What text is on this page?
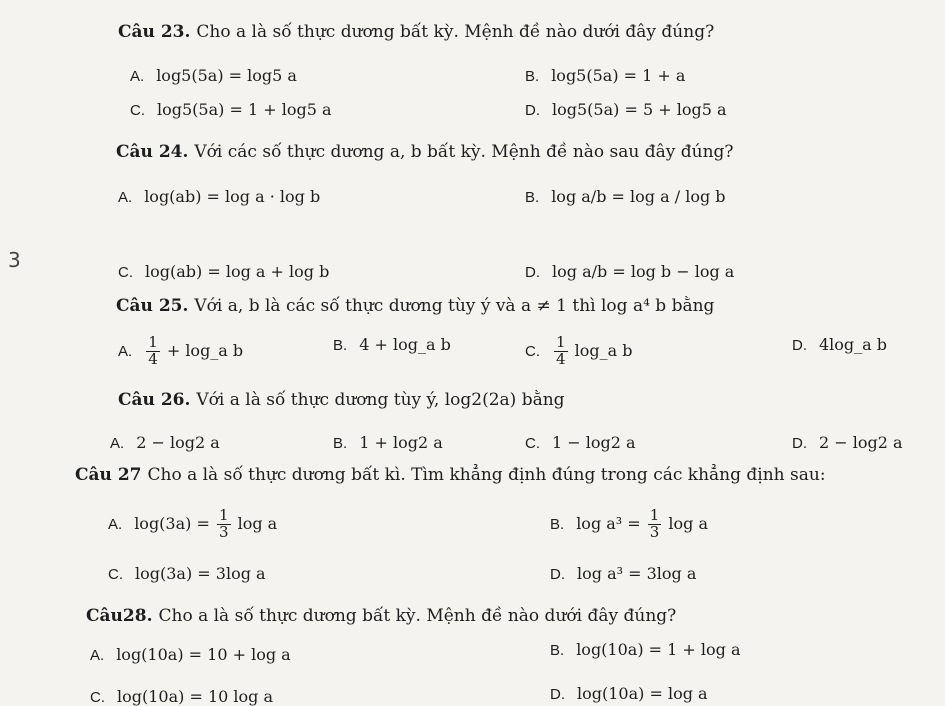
3
Câu 23. Cho a là số thực dương bất kỳ. Mệnh đề nào dưới đây đúng?
A. log5(5a) = log5 a	B. log5(5a) = 1 + a
C. log5(5a) = 1 + log5 a	D. log5(5a) = 5 + log5 a
Câu 24. Với các số thực dương a, b bất kỳ. Mệnh đề nào sau đây đúng?
A. log(ab) = log a · log b	B. log a/b = log a / log b
C. log(ab) = log a + log b	D. log a/b = log b − log a
Câu 25. Với a, b là các số thực dương tùy ý và a ≠ 1 thì log a⁴ b bằng
A. $\frac{1}{4}$ + log_a b	B. 4 + log_a b	C. $\frac{1}{4}$ log_a b	D. 4log_a b
Câu 26. Với a là số thực dương tùy ý, log2(2a) bằng
A. 2 − log2 a	B. 1 + log2 a	C. 1 − log2 a	D. 2 − log2 a
Câu 27 Cho a là số thực dương bất kì. Tìm khẳng định đúng trong các khẳng định sau:
A. $\log(3a) = \frac{1}{3}$ log a	B. $\log a^3 = \frac{1}{3}$ log a
C. log(3a) = 3log a	D. log a³ = 3log a
Câu28. Cho a là số thực dương bất kỳ. Mệnh đề nào dưới đây đúng?
A. log(10a) = 10 + log a	B. log(10a) = 1 + log a
C. log(10a) = 10 log a	D. log(10a) = log a
